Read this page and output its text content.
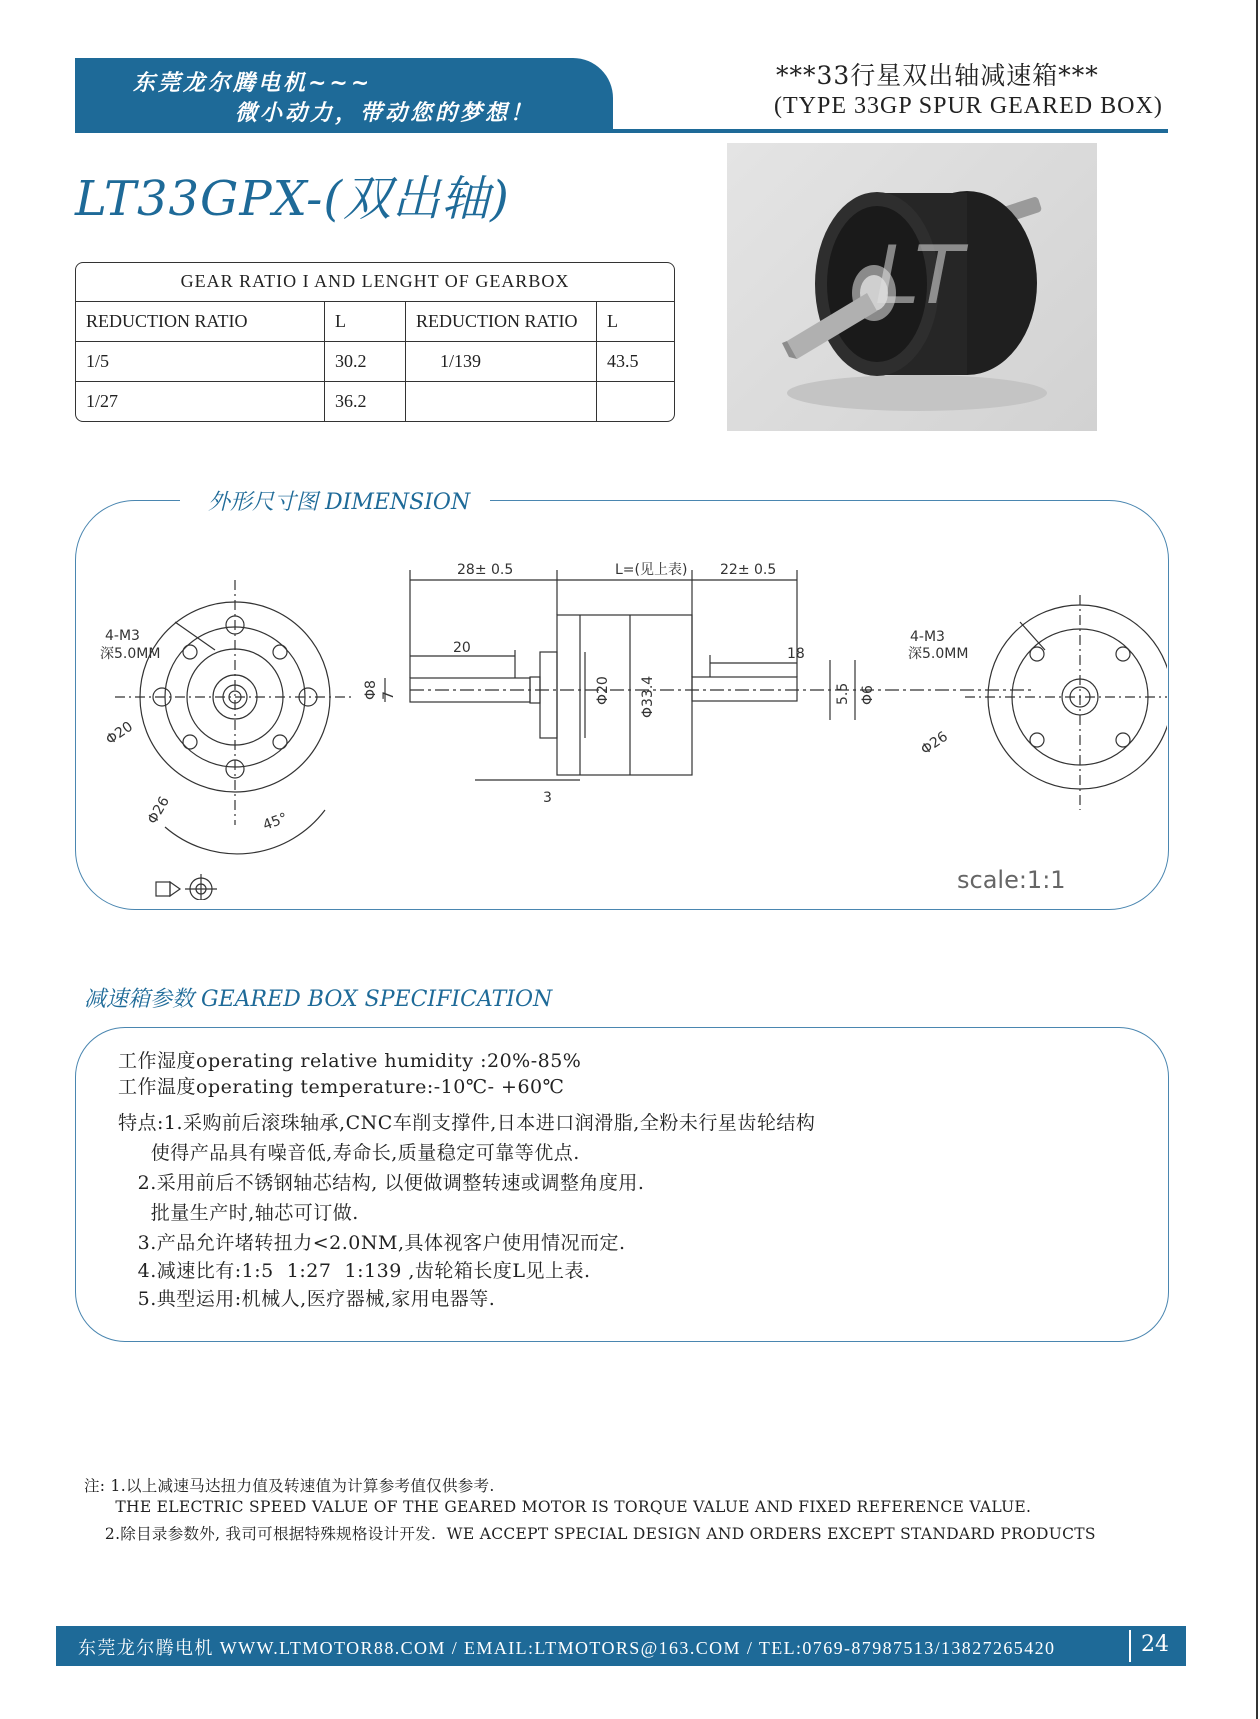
东莞龙尔腾电机~~~
微小动力，带动您的梦想！
***33行星双出轴减速箱***
(TYPE 33GP SPUR GEARED BOX)
LT33GPX-(双出轴)
GEAR RATIO I AND LENGHT OF GEARBOX			
REDUCTION RATIO	L	REDUCTION RATIO	L
1/5	30.2	1/139	43.5
1/27	36.2		
LT
外形尺寸图 DIMENSION
4-M3
深5.0MM
Φ20
Φ26	45°
28± 0.5	L=(见上表) 22± 0.5
20	18
Φ8 7	Φ20 Φ33.4
3
5.5 Φ6
4-M3
深5.0MM
Φ26
scale:1:1
减速箱参数 GEARED BOX SPECIFICATION
工作湿度operating relative humidity :20%-85%
工作温度operating temperature:-10℃- +60℃
特点:1.采购前后滚珠轴承,CNC车削支撑件,日本进口润滑脂,全粉未行星齿轮结构
使得产品具有噪音低,寿命长,质量稳定可靠等优点.
2.采用前后不锈钢轴芯结构, 以便做调整转速或调整角度用.
批量生产时,轴芯可订做.
3.产品允许堵转扭力<2.0NM,具体视客户使用情况而定.
4.减速比有:1:5  1:27  1:139 ,齿轮箱长度L见上表.
5.典型运用:机械人,医疗器械,家用电器等.
注: 1.以上减速马达扭力值及转速值为计算参考值仅供参考.
THE ELECTRIC SPEED VALUE OF THE GEARED MOTOR IS TORQUE VALUE AND FIXED REFERENCE VALUE.
2.除目录参数外, 我司可根据特殊规格设计开发.  WE ACCEPT SPECIAL DESIGN AND ORDERS EXCEPT STANDARD PRODUCTS
东莞龙尔腾电机 WWW.LTMOTOR88.COM / EMAIL:LTMOTORS@163.COM / TEL:0769-87987513/13827265420	24
